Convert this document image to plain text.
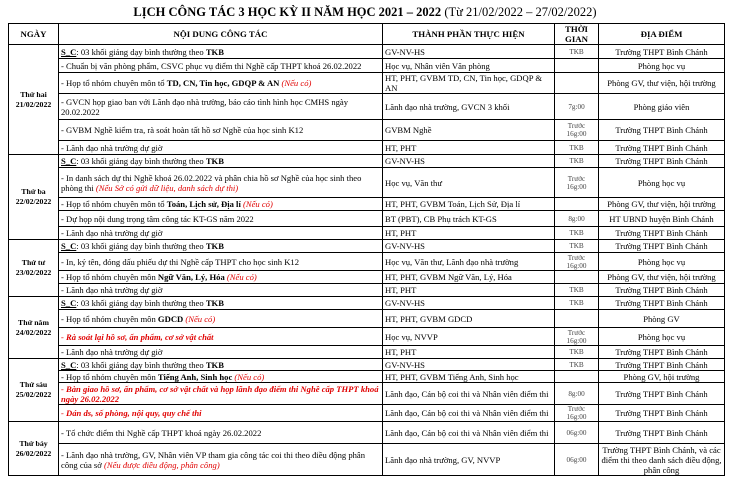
LỊCH CÔNG TÁC 3 HỌC KỲ II NĂM HỌC 2021 – 2022 (Từ 21/02/2022 – 27/02/2022)
NGÀY	NỘI DUNG CÔNG TÁC	THÀNH PHẦN THỰC HIỆN	THỜI GIAN	ĐỊA ĐIỂM
Thứ hai 21/02/2022	S_C: 03 khối giảng dạy bình thường theo TKB	GV-NV-HS	TKB	Trường THPT Bình Chánh
	- Chuẩn bị văn phòng phẩm, CSVC phục vụ điểm thi Nghề cấp THPT khoá 26.02.2022	Học vụ, Nhân viên Văn phòng		Phòng học vụ
	- Họp tổ nhóm chuyên môn tổ TD, CN, Tin học, GDQP & AN (Nếu có)	HT, PHT, GVBM TD, CN, Tin học, GDQP & AN		Phòng GV, thư viện, hội trường
	- GVCN họp giao ban với Lãnh đạo nhà trường, báo cáo tình hình học CMHS ngày 20.02.2022	Lãnh đạo nhà trường, GVCN 3 khối	7g:00	Phòng giáo viên
	- GVBM Nghề kiểm tra, rà soát hoàn tất hồ sơ Nghề của học sinh K12	GVBM Nghề	Trước 16g:00	Trường THPT Bình Chánh
	- Lãnh đạo nhà trường dự giờ	HT, PHT	TKB	Trường THPT Bình Chánh
Thứ ba 22/02/2022	S_C: 03 khối giảng dạy bình thường theo TKB	GV-NV-HS	TKB	Trường THPT Bình Chánh
	- In danh sách dự thi Nghề khoá 26.02.2022 và phân chia hồ sơ Nghề của học sinh theo phòng thi (Nếu Sở có gửi dữ liệu, danh sách dự thi)	Học vụ, Văn thư	Trước 16g:00	Phòng học vụ
	- Họp tổ nhóm chuyên môn tổ Toán, Lịch sử, Địa lí (Nếu có)	HT, PHT, GVBM Toán, Lịch Sử, Địa lí		Phòng GV, thư viện, hội trường
	- Dự họp nội dung trọng tâm công tác KT-GS năm 2022	BT (PBT), CB Phụ trách KT-GS	8g:00	HT UBND huyện Bình Chánh
	- Lãnh đạo nhà trường dự giờ	HT, PHT	TKB	Trường THPT Bình Chánh
Thứ tư 23/02/2022	S_C: 03 khối giảng dạy bình thường theo TKB	GV-NV-HS	TKB	Trường THPT Bình Chánh
	- In, ký tên, đóng dấu phiếu dự thi Nghề cấp THPT cho học sinh K12	Học vụ, Văn thư, Lãnh đạo nhà trường	Trước 16g:00	Phòng học vụ
	- Họp tổ nhóm chuyên môn Ngữ Văn, Lý, Hóa (Nếu có)	HT, PHT, GVBM Ngữ Văn, Lý, Hóa		Phòng GV, thư viện, hội trường
	- Lãnh đạo nhà trường dự giờ	HT, PHT	TKB	Trường THPT Bình Chánh
Thứ năm 24/02/2022	S_C: 03 khối giảng dạy bình thường theo TKB	GV-NV-HS	TKB	Trường THPT Bình Chánh
	- Họp tổ nhóm chuyên môn GDCD (Nếu có)	HT, PHT, GVBM GDCD		Phòng GV
	- Rà soát lại hồ sơ, ấn phẩm, cơ sở vật chất	Học vụ, NVVP	Trước 16g:00	Phòng học vụ
	- Lãnh đạo nhà trường dự giờ	HT, PHT	TKB	Trường THPT Bình Chánh
Thứ sáu 25/02/2022	S_C: 03 khối giảng dạy bình thường theo TKB	GV-NV-HS	TKB	Trường THPT Bình Chánh
	- Họp tổ nhóm chuyên môn Tiếng Anh, Sinh học (Nếu có)	HT, PHT, GVBM Tiếng Anh, Sinh học		Phòng GV, hội trường
	- Bàn giao hồ sơ, ấn phẩm, cơ sở vật chất và họp lãnh đạo điểm thi Nghề cấp THPT khoá ngày 26.02.2022	Lãnh đạo, Cán bộ coi thi và Nhân viên điểm thi	8g:00	Trường THPT Bình Chánh
	- Dán ds, số phòng, nội quy, quy chế thi	Lãnh đạo, Cán bộ coi thi và Nhân viên điểm thi	Trước 16g:00	Trường THPT Bình Chánh
Thứ bảy 26/02/2022	- Tổ chức điểm thi Nghề cấp THPT khoá ngày 26.02.2022	Lãnh đạo, Cán bộ coi thi và Nhân viên điểm thi	06g:00	Trường THPT Bình Chánh
	- Lãnh đạo nhà trường, GV, Nhân viên VP tham gia công tác coi thi theo điều động phân công của sở (Nếu được điều động, phân công)	Lãnh đạo nhà trường, GV, NVVP	06g:00	Trường THPT Bình Chánh, và các điểm thi theo danh sách điều động, phân công
